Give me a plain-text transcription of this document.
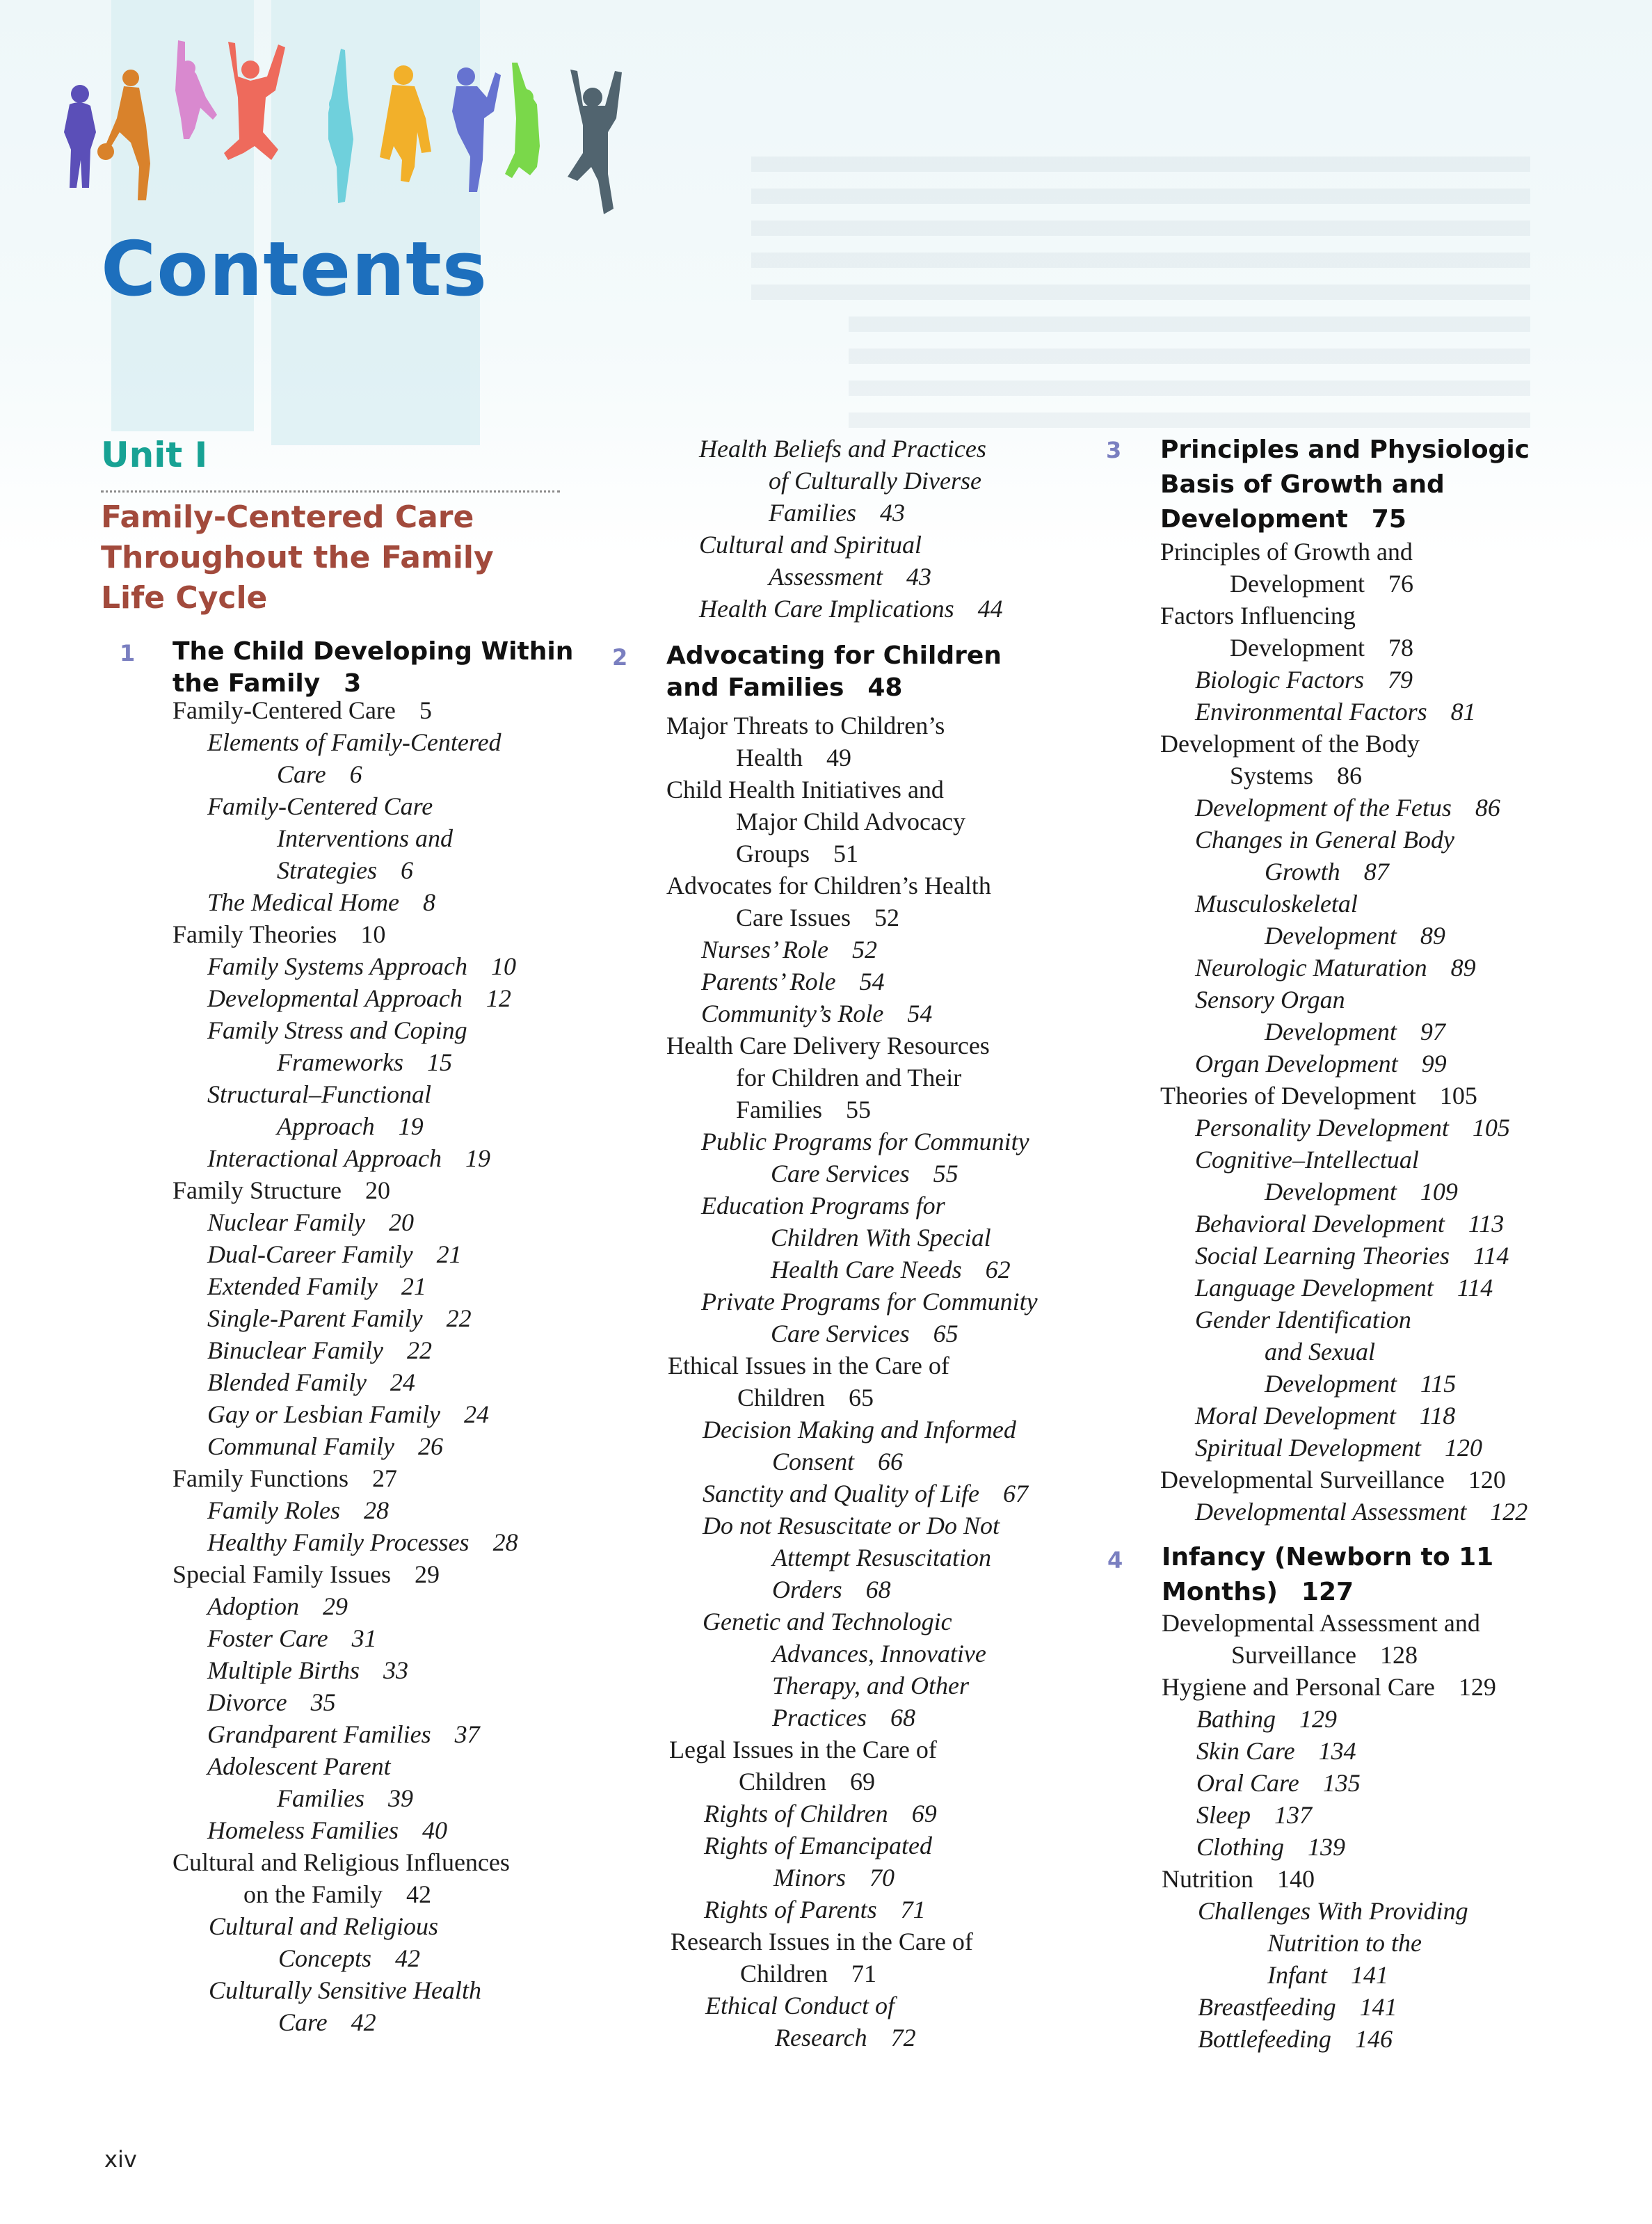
Contents
Unit I
Family-Centered Care
Throughout the Family
Life Cycle
1 The Child Developing Within
the Family 3
2 Advocating for Children
and Families 48
3 Principles and Physiologic
Basis of Growth and
Development 75
4 Infancy (Newborn to 11
Months) 127
Family-Centered Care 5
Elements of Family-Centered
Care 6
Family-Centered Care
Interventions and
Strategies 6
The Medical Home 8
Family Theories 10
Family Systems Approach 10
Developmental Approach 12
Family Stress and Coping
Frameworks 15
Structural–Functional
Approach 19
Interactional Approach 19
Family Structure 20
Nuclear Family 20
Dual-Career Family 21
Extended Family 21
Single-Parent Family 22
Binuclear Family 22
Blended Family 24
Gay or Lesbian Family 24
Communal Family 26
Family Functions 27
Family Roles 28
Healthy Family Processes 28
Special Family Issues 29
Adoption 29
Foster Care 31
Multiple Births 33
Divorce 35
Grandparent Families 37
Adolescent Parent
Families 39
Homeless Families 40
Cultural and Religious Influences
on the Family 42
Cultural and Religious
Concepts 42
Culturally Sensitive Health
Care 42
Health Beliefs and Practices
of Culturally Diverse
Families 43
Cultural and Spiritual
Assessment 43
Health Care Implications 44
Major Threats to Children’s
Health 49
Child Health Initiatives and
Major Child Advocacy
Groups 51
Advocates for Children’s Health
Care Issues 52
Nurses’ Role 52
Parents’ Role 54
Community’s Role 54
Health Care Delivery Resources
for Children and Their
Families 55
Public Programs for Community
Care Services 55
Education Programs for
Children With Special
Health Care Needs 62
Private Programs for Community
Care Services 65
Ethical Issues in the Care of
Children 65
Decision Making and Informed
Consent 66
Sanctity and Quality of Life 67
Do not Resuscitate or Do Not
Attempt Resuscitation
Orders 68
Genetic and Technologic
Advances, Innovative
Therapy, and Other
Practices 68
Legal Issues in the Care of
Children 69
Rights of Children 69
Rights of Emancipated
Minors 70
Rights of Parents 71
Research Issues in the Care of
Children 71
Ethical Conduct of
Research 72
Principles of Growth and
Development 76
Factors Influencing
Development 78
Biologic Factors 79
Environmental Factors 81
Development of the Body
Systems 86
Development of the Fetus 86
Changes in General Body
Growth 87
Musculoskeletal
Development 89
Neurologic Maturation 89
Sensory Organ
Development 97
Organ Development 99
Theories of Development 105
Personality Development 105
Cognitive–Intellectual
Development 109
Behavioral Development 113
Social Learning Theories 114
Language Development 114
Gender Identification
and Sexual
Development 115
Moral Development 118
Spiritual Development 120
Developmental Surveillance 120
Developmental Assessment 122
Developmental Assessment and
Surveillance 128
Hygiene and Personal Care 129
Bathing 129
Skin Care 134
Oral Care 135
Sleep 137
Clothing 139
Nutrition 140
Challenges With Providing
Nutrition to the
Infant 141
Breastfeeding 141
Bottlefeeding 146
xiv
